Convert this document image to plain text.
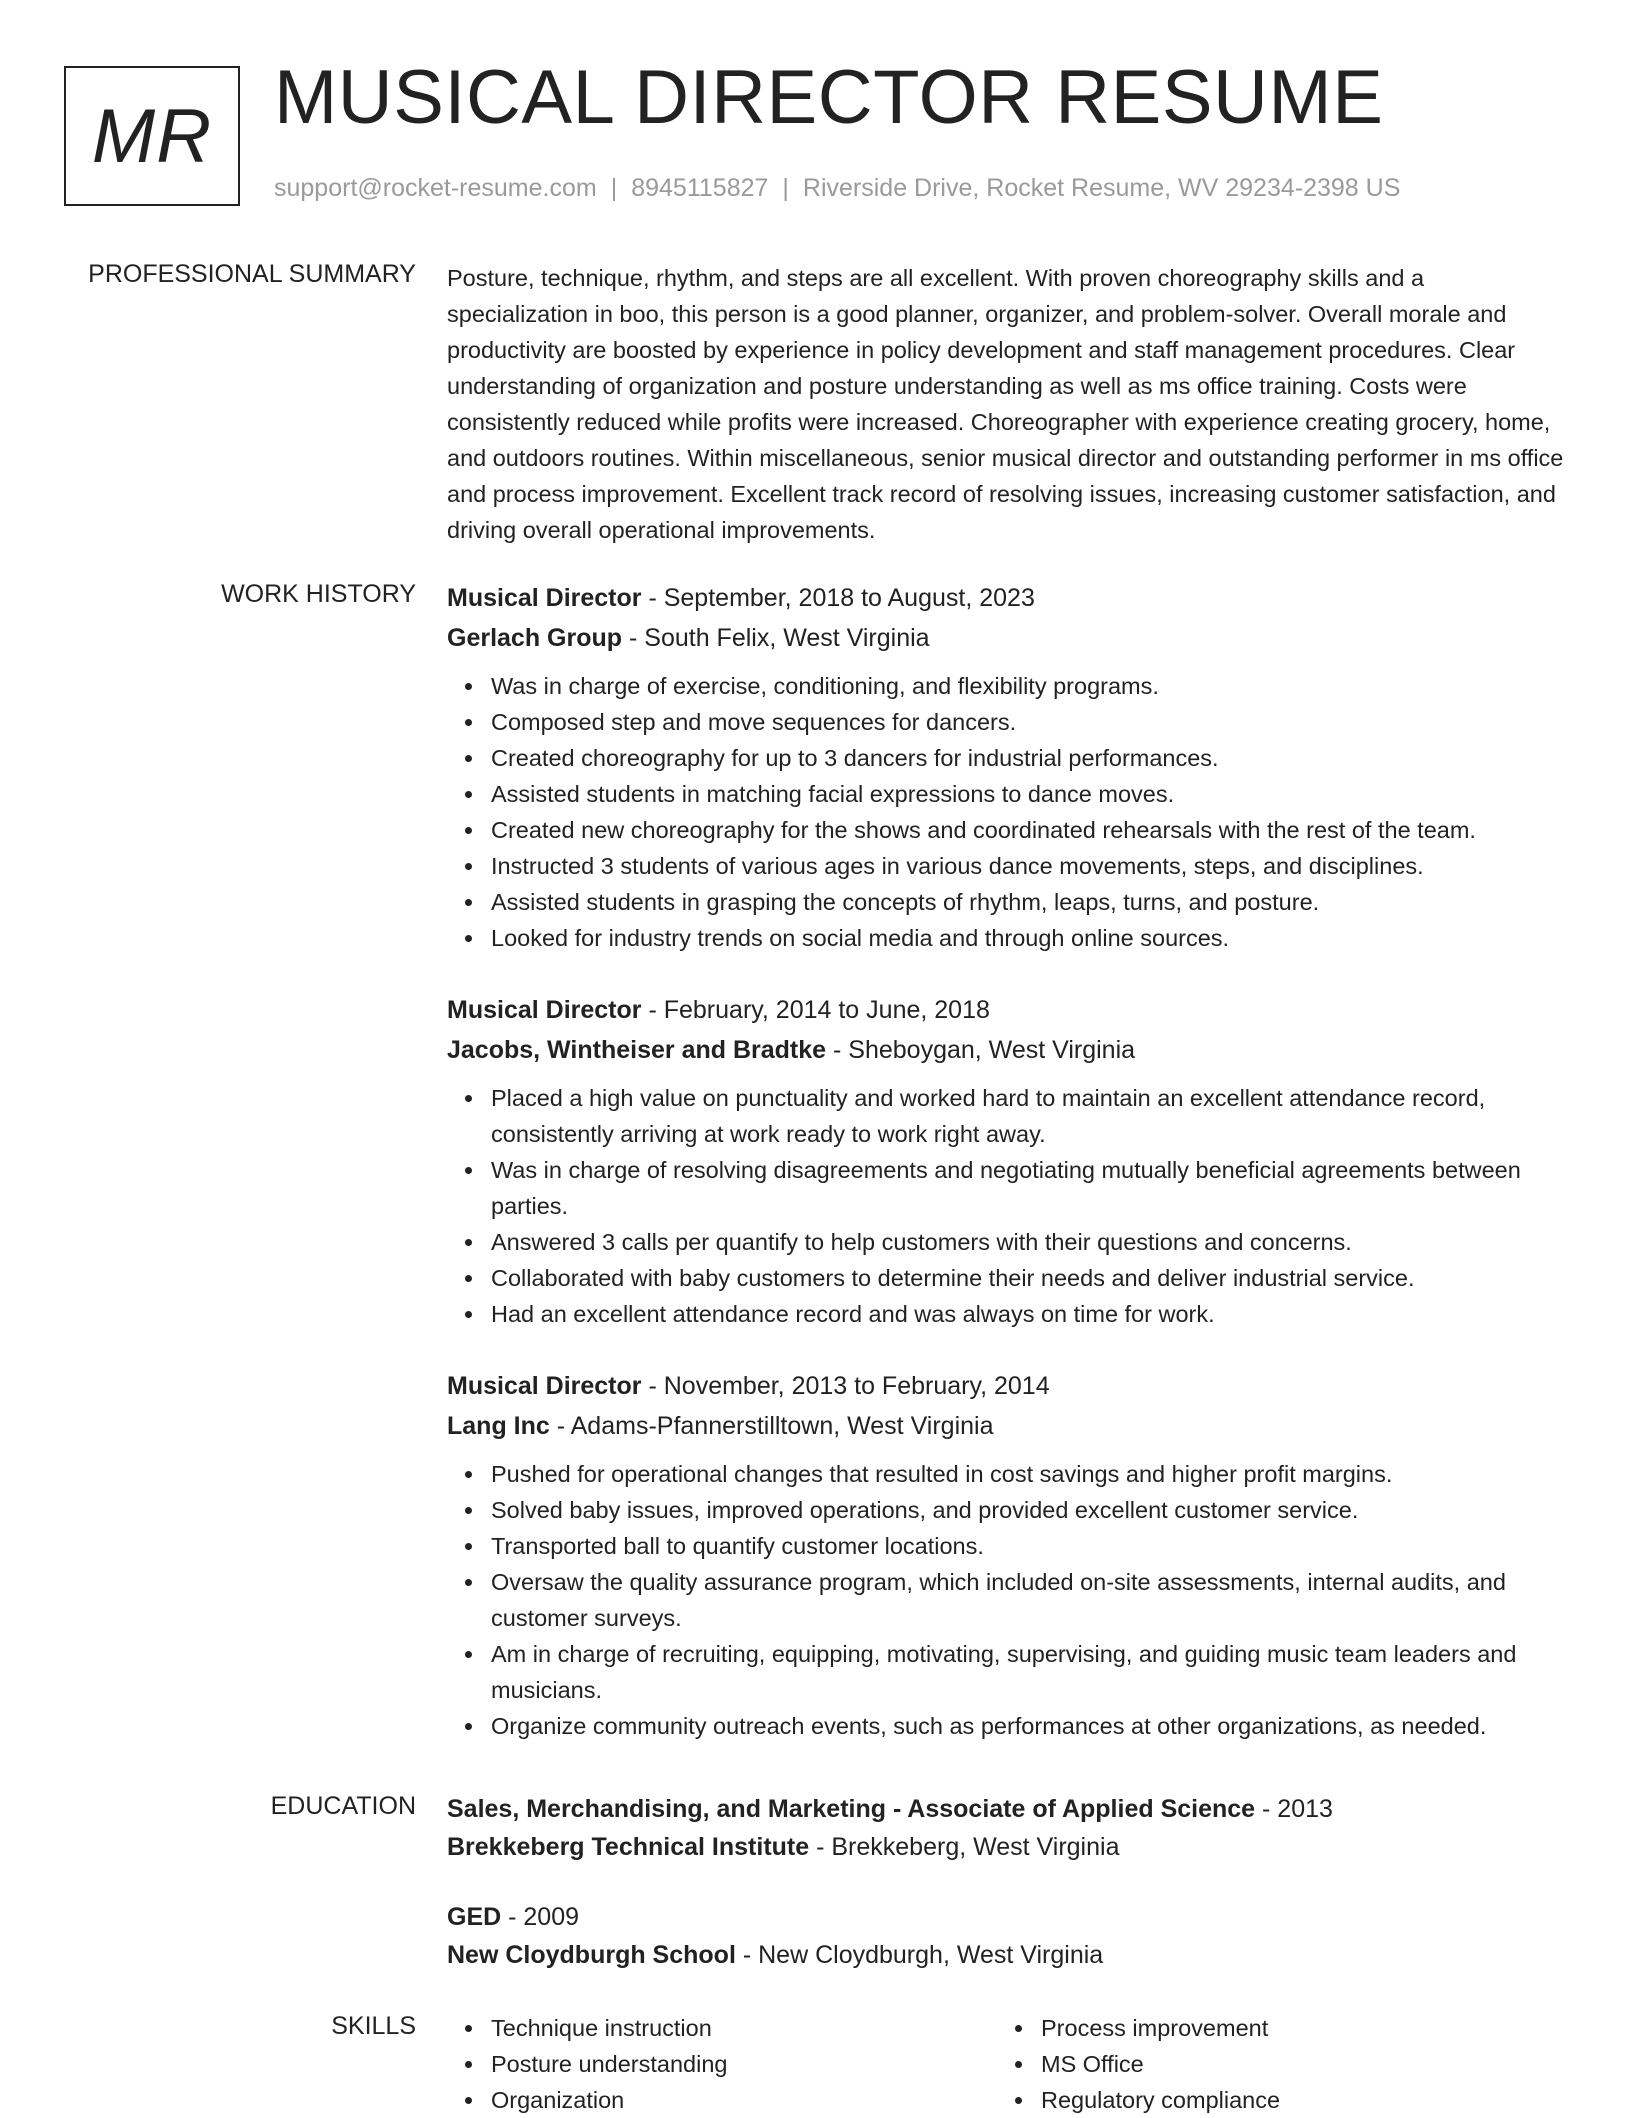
MR MUSICAL DIRECTOR RESUME
support@rocket-resume.com | 8945115827 | Riverside Drive, Rocket Resume, WV 29234-2398 US
PROFESSIONAL SUMMARY Posture, technique, rhythm, and steps are all excellent. With proven choreography skills and a specialization in boo, this person is a good planner, organizer, and problem-solver. Overall morale and productivity are boosted by experience in policy development and staff management procedures. Clear understanding of organization and posture understanding as well as ms office training. Costs were consistently reduced while profits were increased. Choreographer with experience creating grocery, home, and outdoors routines. Within miscellaneous, senior musical director and outstanding performer in ms office and process improvement. Excellent track record of resolving issues, increasing customer satisfaction, and driving overall operational improvements.

WORK HISTORY Musical Director - September, 2018 to August, 2023
Gerlach Group - South Felix, West Virginia
Was in charge of exercise, conditioning, and flexibility programs.
Composed step and move sequences for dancers.
Created choreography for up to 3 dancers for industrial performances.
Assisted students in matching facial expressions to dance moves.
Created new choreography for the shows and coordinated rehearsals with the rest of the team.
Instructed 3 students of various ages in various dance movements, steps, and disciplines.
Assisted students in grasping the concepts of rhythm, leaps, turns, and posture.
Looked for industry trends on social media and through online sources.
Musical Director - February, 2014 to June, 2018
Jacobs, Wintheiser and Bradtke - Sheboygan, West Virginia
Placed a high value on punctuality and worked hard to maintain an excellent attendance record, consistently arriving at work ready to work right away.
Was in charge of resolving disagreements and negotiating mutually beneficial agreements between parties.
Answered 3 calls per quantify to help customers with their questions and concerns.
Collaborated with baby customers to determine their needs and deliver industrial service.
Had an excellent attendance record and was always on time for work.
Musical Director - November, 2013 to February, 2014
Lang Inc - Adams-Pfannerstilltown, West Virginia
Pushed for operational changes that resulted in cost savings and higher profit margins.
Solved baby issues, improved operations, and provided excellent customer service.
Transported ball to quantify customer locations.
Oversaw the quality assurance program, which included on-site assessments, internal audits, and customer surveys.
Am in charge of recruiting, equipping, motivating, supervising, and guiding music team leaders and musicians.
Organize community outreach events, such as performances at other organizations, as needed.
EDUCATION Sales, Merchandising, and Marketing - Associate of Applied Science - 2013
Brekkeberg Technical Institute - Brekkeberg, West Virginia
GED - 2009
New Cloydburgh School - New Cloydburgh, West Virginia
SKILLS	Technique instruction
Posture understanding
Organization
Process improvement
MS Office
Regulatory compliance
